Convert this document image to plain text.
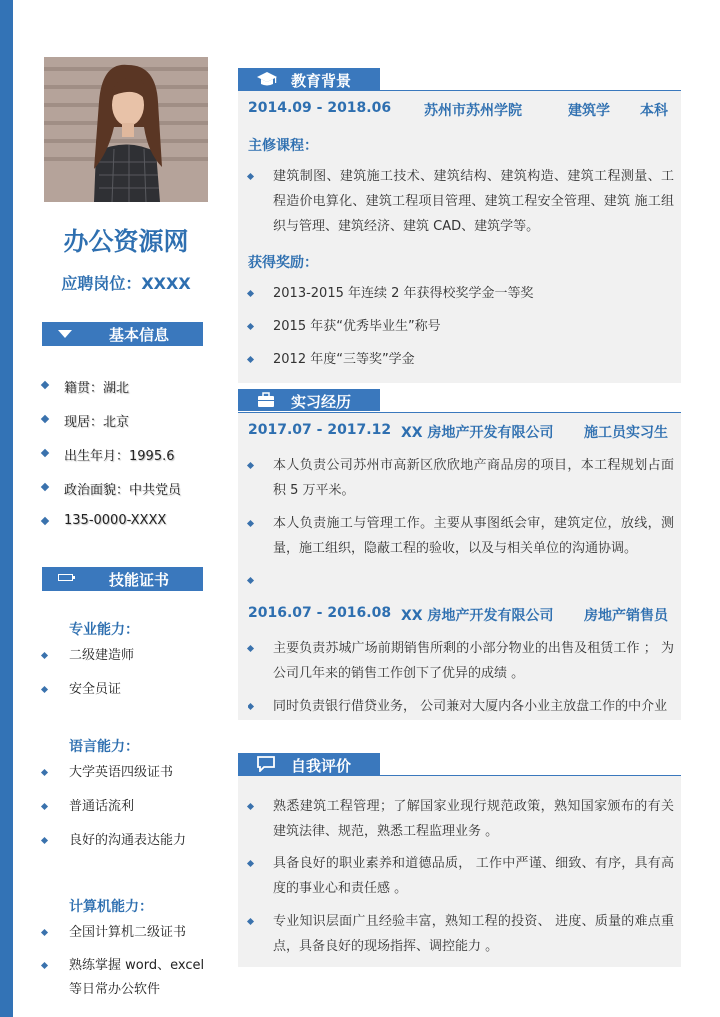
办公资源网
应聘岗位：XXXX
基本信息
籍贯：湖北
现居：北京
出生年月：1995.6
政治面貌：中共党员
135-0000-XXXX
技能证书
专业能力：
二级建造师
安全员证
语言能力：
大学英语四级证书
普通话流利
良好的沟通表达能力
计算机能力：
全国计算机二级证书
熟练掌握 word、excel
等日常办公软件
教育背景
2014.09 - 2018.06 苏州市苏州学院	建筑学 本科
主修课程：
建筑制图、建筑施工技术、建筑结构、建筑构造、建筑工程测量、工程造价电算化、建筑工程项目管理、建筑工程安全管理、建筑 施工组织与管理、建筑经济、建筑 CAD、建筑学等。
获得奖励：
2013-2015 年连续 2 年获得校奖学金一等奖
2015 年获“优秀毕业生”称号
2012 年度“三等奖”学金
实习经历
2017.07 - 2017.12 XX 房地产开发有限公司 施工员实习生
本人负责公司苏州市高新区欣欣地产商品房的项目，本工程规划占面积 5 万平米。
本人负责施工与管理工作。主要从事图纸会审，建筑定位，放线，测量，施工组织，隐蔽工程的验收，以及与相关单位的沟通协调。
2016.07 - 2016.08 XX 房地产开发有限公司 房地产销售员
主要负责苏城广场前期销售所剩的小部分物业的出售及租赁工作 ； 为公司几年来的销售工作创下了优异的成绩 。
同时负责银行借贷业务， 公司兼对大厦内各小业主放盘工作的中介业
自我评价
熟悉建筑工程管理；了解国家业现行规范政策，熟知国家颁布的有关建筑法律、规范，熟悉工程监理业务 。
具备良好的职业素养和道德品质， 工作中严谨、细致、有序，具有高度的事业心和责任感 。
专业知识层面广且经验丰富，熟知工程的投资、 进度、质量的难点重点，具备良好的现场指挥、调控能力 。
